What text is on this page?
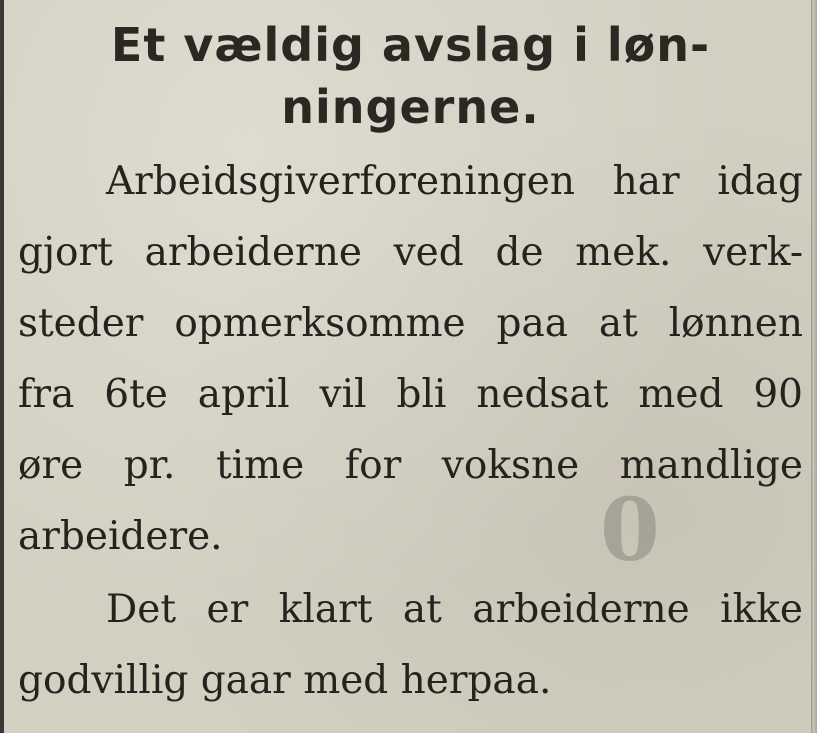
0
Et vældig avslag i løn-
ningerne.
Arbeidsgiverforeningen har idag
gjort arbeiderne ved de mek. verk-
steder opmerksomme paa at lønnen
fra 6te april vil bli nedsat med 90
øre pr. time for voksne mandlige
arbeidere.
Det er klart at arbeiderne ikke
godvillig gaar med herpaa.
